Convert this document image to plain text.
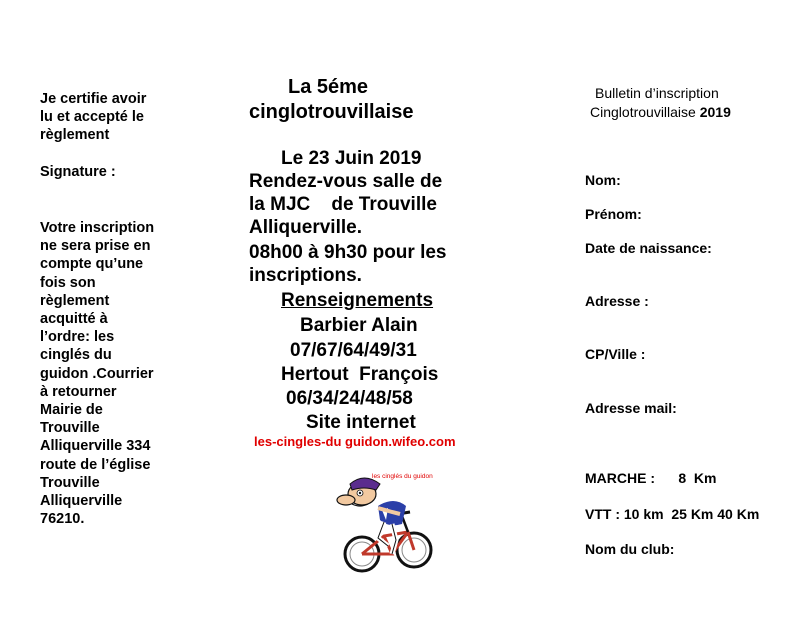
Je certifie avoir
lu et accepté le
règlement
Signature :
Votre inscription
ne sera prise en
compte qu’une
fois son
règlement
acquitté à
l’ordre: les
cinglés du
guidon .Courrier
à retourner
Mairie de
Trouville
Alliquerville 334
route de l’église
Trouville
Alliquerville
76210.
La 5éme
cinglotrouvillaise
Le 23 Juin 2019
Rendez-vous salle de
la MJC    de Trouville
Alliquerville.
08h00 à 9h30 pour les
inscriptions.
Renseignements
Barbier Alain
07/67/64/49/31
Hertout  François
06/34/24/48/58
Site internet
les-cingles-du guidon.wifeo.com
les cinglés du guidon
Bulletin d’inscription
Cinglotrouvillaise 2019
Nom:
Prénom:
Date de naissance:
Adresse :
CP/Ville :
Adresse mail:
MARCHE :      8  Km
VTT : 10 km  25 Km 40 Km
Nom du club:
